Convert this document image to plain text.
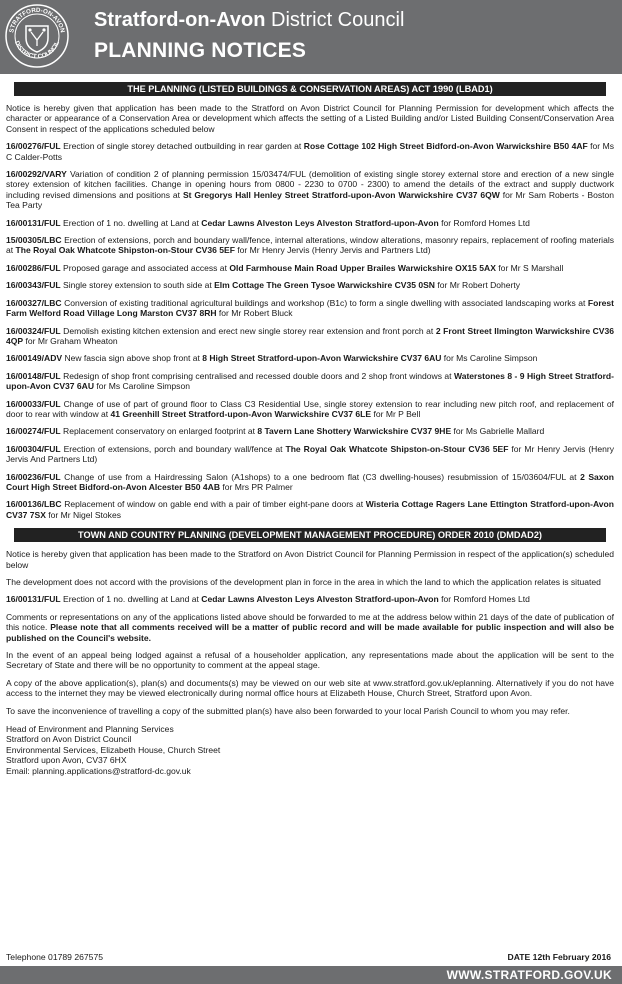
STRATFORD-ON-AVON
DISTRICT COUNCIL
Stratford-on-Avon District Council
PLANNING NOTICES
THE PLANNING (LISTED BUILDINGS & CONSERVATION AREAS) ACT 1990 (LBAD1)
Notice is hereby given that application has been made to the Stratford on Avon District Council for Planning Permission for development which affects the character or appearance of a Conservation Area or development which affects the setting of a Listed Building and/or Listed Building Consent/Conservation Area Consent in respect of the applications scheduled below
16/00276/FUL Erection of single storey detached outbuilding in rear garden at Rose Cottage 102 High Street Bidford-on-Avon Warwickshire B50 4AF for Ms C Calder-Potts
16/00292/VARY Variation of condition 2 of planning permission 15/03474/FUL (demolition of existing single storey external store and erection of a new single storey extension of kitchen facilities. Change in opening hours from 0800 - 2230 to 0700 - 2300) to amend the details of the extract and supply ductwork including revised dimensions and positions at St Gregorys Hall Henley Street Stratford-upon-Avon Warwickshire CV37 6QW for Mr Sam Roberts - Boston Tea Party
16/00131/FUL Erection of 1 no. dwelling at Land at Cedar Lawns Alveston Leys Alveston Stratford-upon-Avon for Romford Homes Ltd
15/00305/LBC Erection of extensions, porch and boundary wall/fence, internal alterations, window alterations, masonry repairs, replacement of roofing materials at The Royal Oak Whatcote Shipston-on-Stour CV36 5EF for Mr Henry Jervis (Henry Jervis and Partners Ltd)
16/00286/FUL Proposed garage and associated access at Old Farmhouse Main Road Upper Brailes Warwickshire OX15 5AX for Mr S Marshall
16/00343/FUL Single storey extension to south side at Elm Cottage The Green Tysoe Warwickshire CV35 0SN for Mr Robert Doherty
16/00327/LBC Conversion of existing traditional agricultural buildings and workshop (B1c) to form a single dwelling with associated landscaping works at Forest Farm Welford Road Village Long Marston CV37 8RH for Mr Robert Bluck
16/00324/FUL Demolish existing kitchen extension and erect new single storey rear extension and front porch at 2 Front Street Ilmington Warwickshire CV36 4QP for Mr Graham Wheaton
16/00149/ADV New fascia sign above shop front at 8 High Street Stratford-upon-Avon Warwickshire CV37 6AU for Ms Caroline Simpson
16/00148/FUL Redesign of shop front comprising centralised and recessed double doors and 2 shop front windows at Waterstones 8 - 9 High Street Stratford-upon-Avon CV37 6AU for Ms Caroline Simpson
16/00033/FUL Change of use of part of ground floor to Class C3 Residential Use, single storey extension to rear including new pitch roof, and replacement of door to rear with window at 41 Greenhill Street Stratford-upon-Avon Warwickshire CV37 6LE for Mr P Bell
16/00274/FUL Replacement conservatory on enlarged footprint at 8 Tavern Lane Shottery Warwickshire CV37 9HE for Ms Gabrielle Mallard
16/00304/FUL Erection of extensions, porch and boundary wall/fence at The Royal Oak Whatcote Shipston-on-Stour CV36 5EF for Mr Henry Jervis (Henry Jervis And Partners Ltd)
16/00236/FUL Change of use from a Hairdressing Salon (A1shops) to a one bedroom flat (C3 dwelling-houses) resubmission of 15/03604/FUL at 2 Saxon Court High Street Bidford-on-Avon Alcester B50 4AB for Mrs PR Palmer
16/00136/LBC Replacement of window on gable end with a pair of timber eight-pane doors at Wisteria Cottage Ragers Lane Ettington Stratford-upon-Avon CV37 7SX for Mr Nigel Stokes
TOWN AND COUNTRY PLANNING (DEVELOPMENT MANAGEMENT PROCEDURE) ORDER 2010 (DMDAD2)
Notice is hereby given that application has been made to the Stratford on Avon District Council for Planning Permission in respect of the application(s) scheduled below
The development does not accord with the provisions of the development plan in force in the area in which the land to which the application relates is situated
16/00131/FUL Erection of 1 no. dwelling at Land at Cedar Lawns Alveston Leys Alveston Stratford-upon-Avon for Romford Homes Ltd
Comments or representations on any of the applications listed above should be forwarded to me at the address below within 21 days of the date of publication of this notice. Please note that all comments received will be a matter of public record and will be made available for public inspection and will also be published on the Council's website.
In the event of an appeal being lodged against a refusal of a householder application, any representations made about the application will be sent to the Secretary of State and there will be no opportunity to comment at the appeal stage.
A copy of the above application(s), plan(s) and documents(s) may be viewed on our web site at www.stratford.gov.uk/eplanning. Alternatively if you do not have access to the internet they may be viewed electronically during normal office hours at Elizabeth House, Church Street, Stratford upon Avon.
To save the inconvenience of travelling a copy of the submitted plan(s) have also been forwarded to your local Parish Council to whom you may refer.
Head of Environment and Planning Services
Stratford on Avon District Council
Environmental Services, Elizabeth House, Church Street
Stratford upon Avon, CV37 6HX
Email: planning.applications@stratford-dc.gov.uk
Telephone 01789 267575	DATE 12th February 2016
WWW.STRATFORD.GOV.UK
